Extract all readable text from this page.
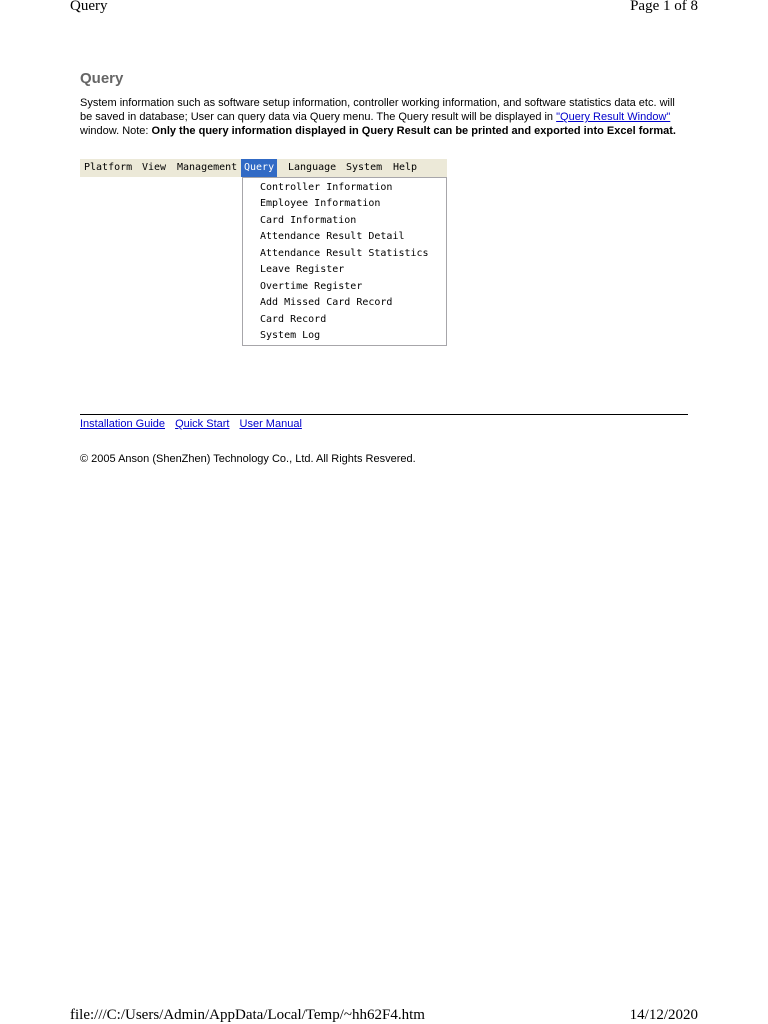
Query	Page 1 of 8
Query

System information such as software setup information, controller working information, and software statistics data etc. will be saved in database; User can query data via Query menu. The Query result will be displayed in "Query Result Window" window. Note: Only the query information displayed in Query Result can be printed and exported into Excel format.

Platform View	Management Query	Language System	Help
Controller Information
Employee Information
Card Information
Attendance Result Detail
Attendance Result Statistics
Leave Register
Overtime Register
Add Missed Card Record
Card Record
System Log
Installation Guide Quick Start User Manual
© 2005 Anson (ShenZhen) Technology Co., Ltd. All Rights Resvered.
file:///C:/Users/Admin/AppData/Local/Temp/~hh62F4.htm	14/12/2020
